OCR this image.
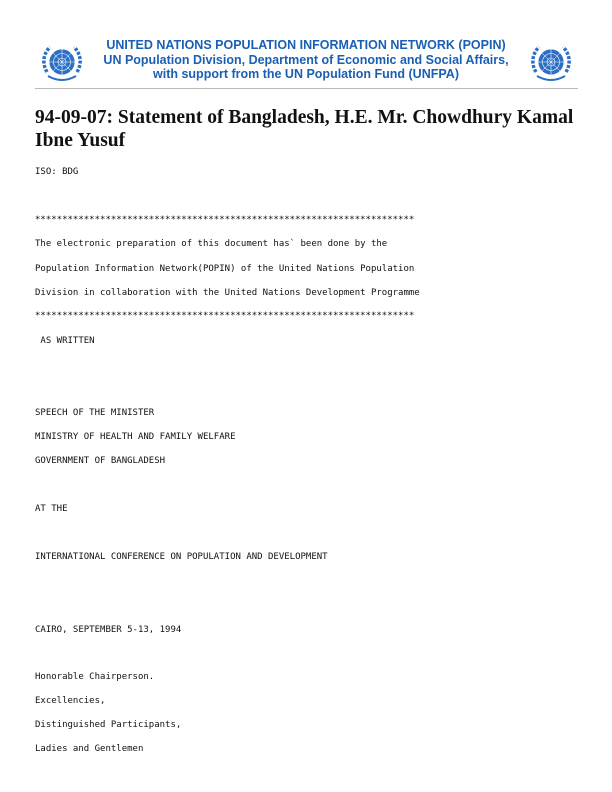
UNITED NATIONS POPULATION INFORMATION NETWORK (POPIN)
UN Population Division, Department of Economic and Social Affairs,
with support from the UN Population Fund (UNFPA)
94-09-07: Statement of Bangladesh, H.E. Mr. Chowdhury Kamal Ibne Yusuf

ISO: BDG

**********************************************************************

The electronic preparation of this document has` been done by the

Population Information Network(POPIN) of the United Nations Population

Division in collaboration with the United Nations Development Programme

**********************************************************************

AS WRITTEN

SPEECH OF THE MINISTER

MINISTRY OF HEALTH AND FAMILY WELFARE

GOVERNMENT OF BANGLADESH

AT THE

INTERNATIONAL CONFERENCE ON POPULATION AND DEVELOPMENT

CAIRO, SEPTEMBER 5-13, 1994

Honorable Chairperson.

Excellencies,

Distinguished Participants,

Ladies and Gentlemen
